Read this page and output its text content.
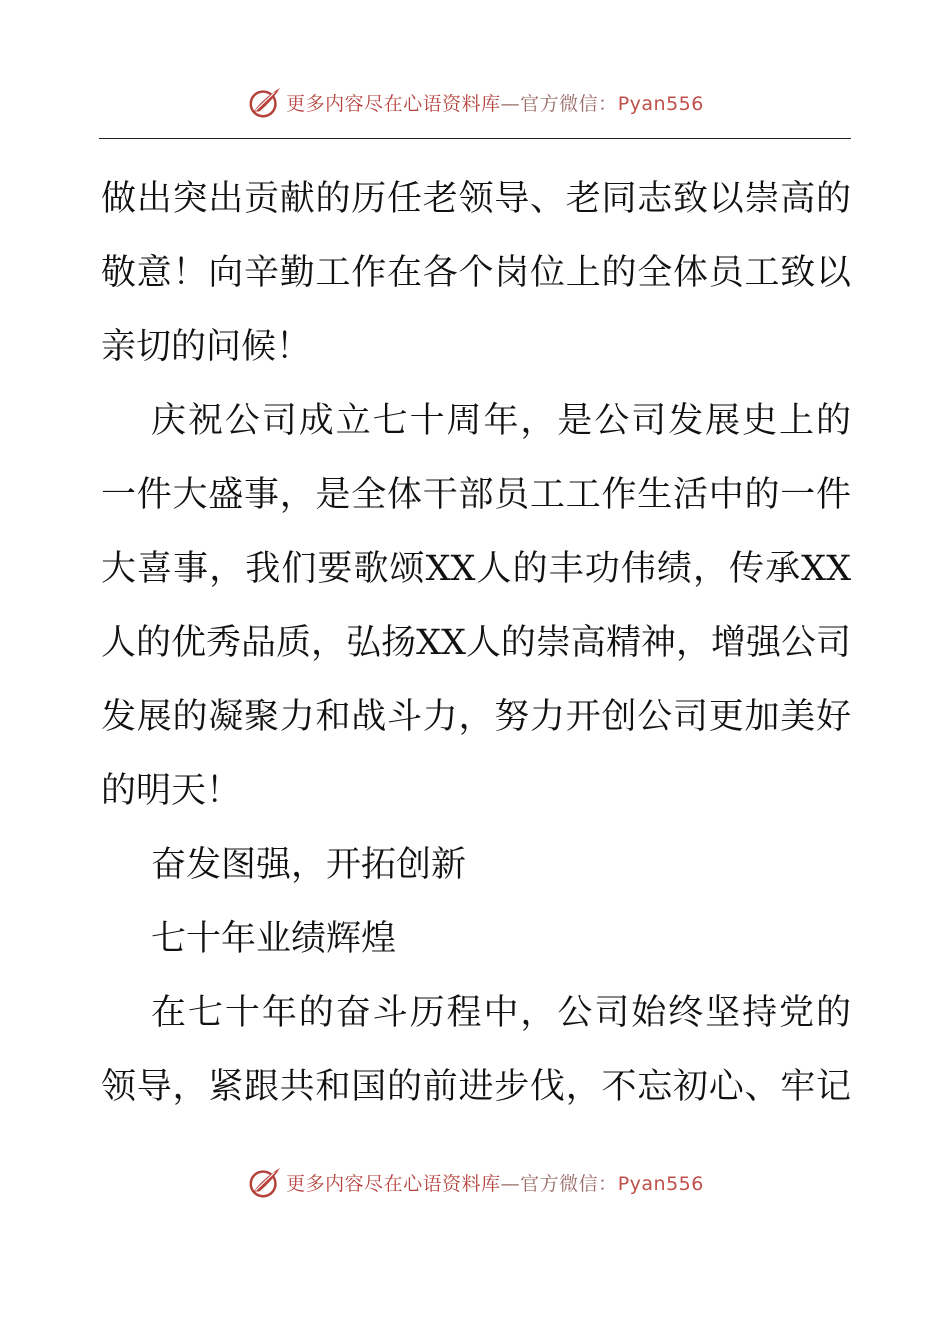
更多内容尽在心语资料库—官方微信：Pyan556
做出突出贡献的历任老领导、老同志致以崇高的
敬意！向辛勤工作在各个岗位上的全体员工致以
亲切的问候！
庆祝公司成立七十周年，是公司发展史上的
一件大盛事，是全体干部员工工作生活中的一件
大喜事，我们要歌颂XX人的丰功伟绩，传承XX
人的优秀品质，弘扬XX人的崇高精神，增强公司
发展的凝聚力和战斗力，努力开创公司更加美好
的明天！
奋发图强，开拓创新
七十年业绩辉煌
在七十年的奋斗历程中，公司始终坚持党的
领导，紧跟共和国的前进步伐，不忘初心、牢记
更多内容尽在心语资料库—官方微信：Pyan556
